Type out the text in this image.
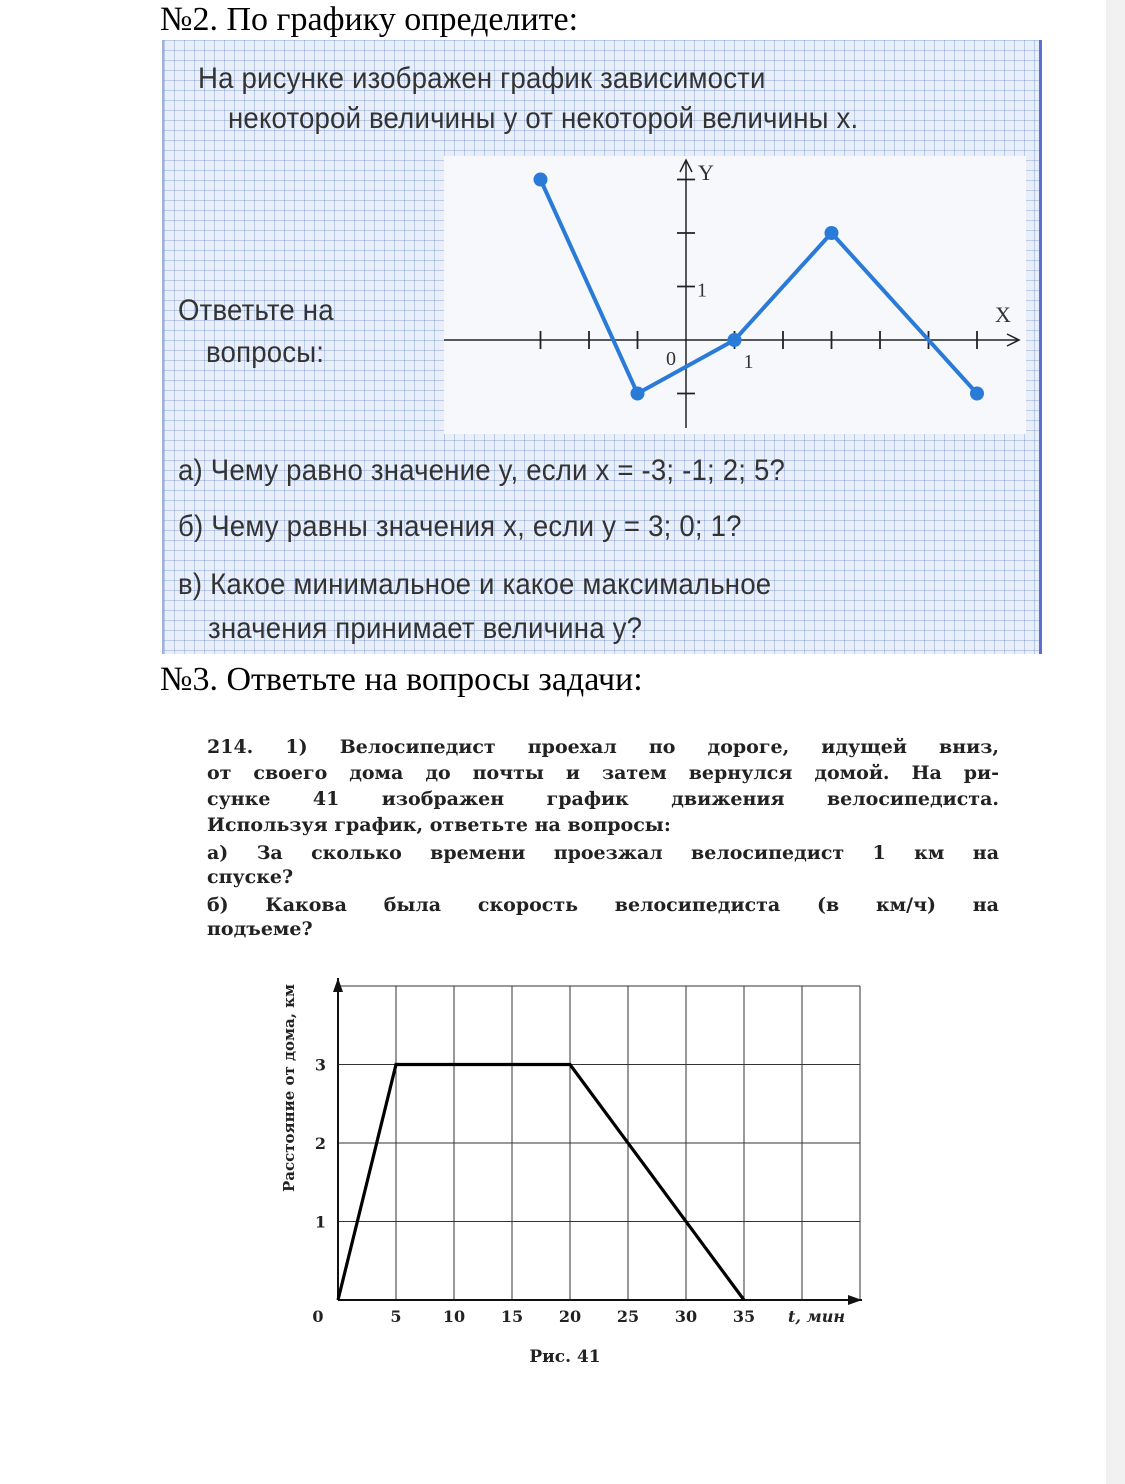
№2. По графику определите:
На рисунке изображен график зависимости
некоторой величины y от некоторой величины x.
Ответьте на
вопросы:
Y
X
0
1
1
а) Чему равно значение y, если x = -3; -1; 2; 5?
б) Чему равны значения x, если y = 3; 0; 1?
в) Какое минимальное и какое максимальное
значения принимает величина y?
№3. Ответьте на вопросы задачи:
214. 1) Велосипедист проехал по дороге, идущей вниз,
от своего дома до почты и затем вернулся домой. На ри-
сунке 41 изображен график движения велосипедиста.
Используя график, ответьте на вопросы:
а) За сколько времени проезжал велосипедист 1 км на
спуске?
б) Какова была скорость велосипедиста (в км/ч) на
подъеме?
0	5	10 15 20 25 30 35
1
2
3
t, мин
Расстояние от дома, км
Рис. 41
